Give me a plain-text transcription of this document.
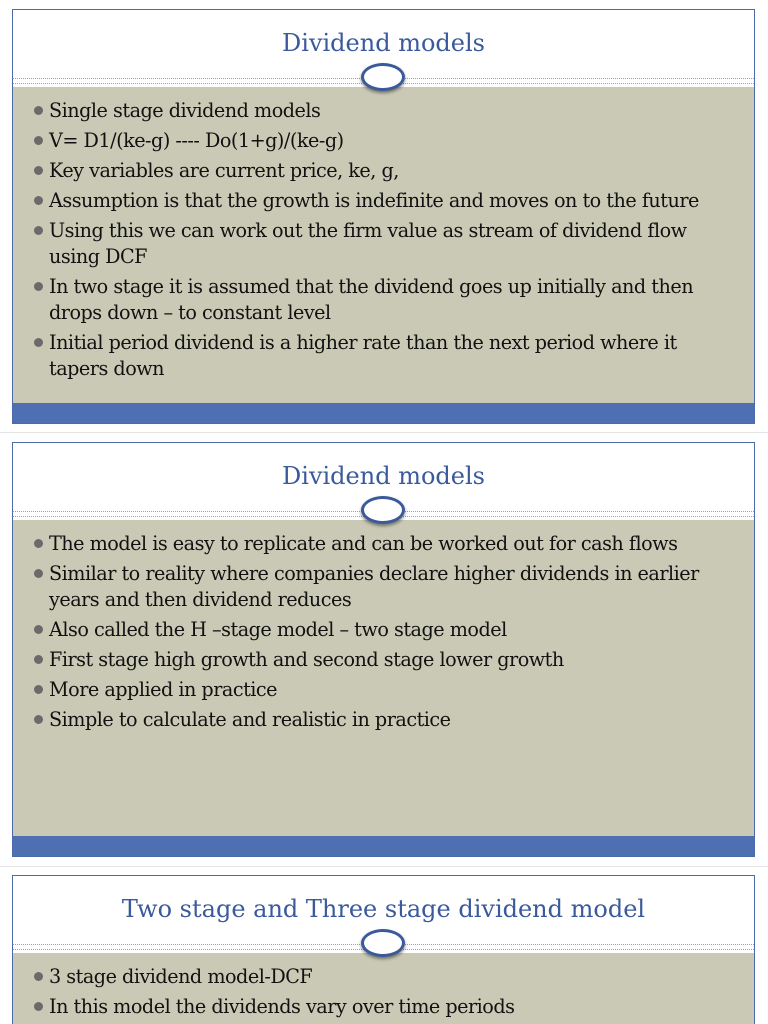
Dividend models
Single stage dividend models
V= D1/(ke-g) ---- Do(1+g)/(ke-g)
Key variables are current price, ke, g,
Assumption is that the growth is indefinite and moves on to the future
Using this we can work out the firm value as stream of dividend flow using DCF
In two stage it is assumed that the dividend goes up initially and then drops down – to constant level
Initial period dividend is a higher rate than the next period where it tapers down
Dividend models
The model is easy to replicate and can be worked out for cash flows
Similar to reality where companies declare higher dividends in earlier years and then dividend reduces
Also called the H –stage model – two stage model
First stage high growth and second stage lower growth
More applied in practice
Simple to calculate and realistic in practice
Two stage and Three stage dividend model
3 stage dividend model-DCF
In this model the dividends vary over time periods
